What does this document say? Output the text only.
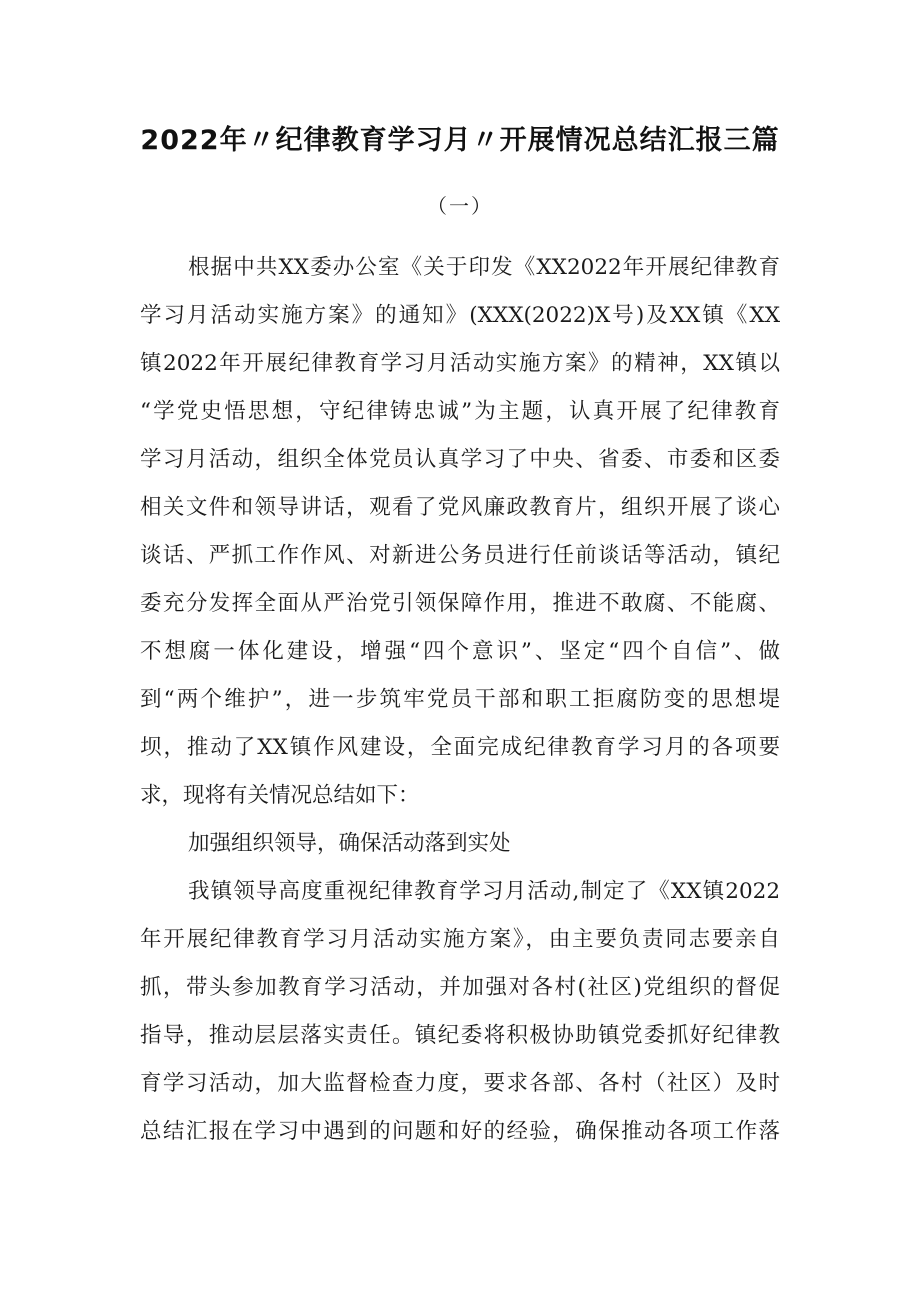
2022年〃纪律教育学习月〃开展情况总结汇报三篇
（一）
根据中共XX委办公室《关于印发《XX2022年开展纪律教育
学习月活动实施方案》的通知》(XXX(2022)X号)及XX镇《XX
镇2022年开展纪律教育学习月活动实施方案》的精神，XX镇以
“学党史悟思想，守纪律铸忠诚”为主题，认真开展了纪律教育
学习月活动，组织全体党员认真学习了中央、省委、市委和区委
相关文件和领导讲话，观看了党风廉政教育片，组织开展了谈心
谈话、严抓工作作风、对新进公务员进行任前谈话等活动，镇纪
委充分发挥全面从严治党引领保障作用，推进不敢腐、不能腐、
不想腐一体化建设，增强“四个意识”、坚定“四个自信”、做
到“两个维护”，进一步筑牢党员干部和职工拒腐防变的思想堤
坝，推动了XX镇作风建设，全面完成纪律教育学习月的各项要
求，现将有关情况总结如下：
加强组织领导，确保活动落到实处
我镇领导高度重视纪律教育学习月活动,制定了《XX镇2022
年开展纪律教育学习月活动实施方案》，由主要负责同志要亲自
抓，带头参加教育学习活动，并加强对各村(社区)党组织的督促
指导，推动层层落实责任。镇纪委将积极协助镇党委抓好纪律教
育学习活动，加大监督检查力度，要求各部、各村（社区）及时
总结汇报在学习中遇到的问题和好的经验，确保推动各项工作落
